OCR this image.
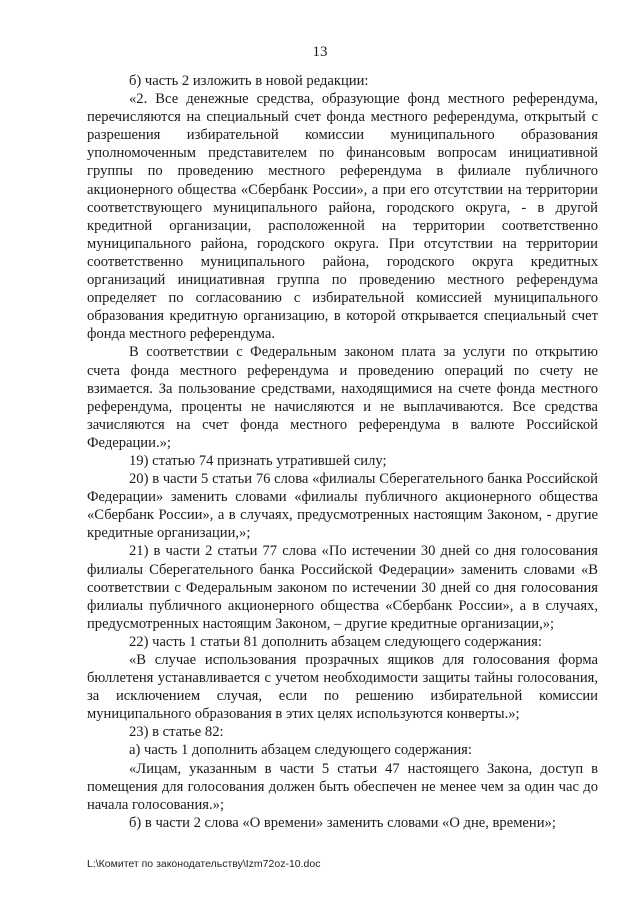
13

б) часть 2 изложить в новой редакции:

«2. Все денежные средства, образующие фонд местного референдума, перечисляются на специальный счет фонда местного референдума, открытый с разрешения избирательной комиссии муниципального образования уполномоченным представителем по финансовым вопросам инициативной группы по проведению местного референдума в филиале публичного акционерного общества «Сбербанк России», а при его отсутствии на территории соответствующего муниципального района, городского округа, - в другой кредитной организации, расположенной на территории соответственно муниципального района, городского округа. При отсутствии на территории соответственно муниципального района, городского округа кредитных организаций инициативная группа по проведению местного референдума определяет по согласованию с избирательной комиссией муниципального образования кредитную организацию, в которой открывается специальный счет фонда местного референдума.

В соответствии с Федеральным законом плата за услуги по открытию счета фонда местного референдума и проведению операций по счету не взимается. За пользование средствами, находящимися на счете фонда местного референдума, проценты не начисляются и не выплачиваются. Все средства зачисляются на счет фонда местного референдума в валюте Российской Федерации.»;

19) статью 74 признать утратившей силу;

20) в части 5 статьи 76 слова «филиалы Сберегательного банка Российской Федерации» заменить словами «филиалы публичного акционерного общества «Сбербанк России», а в случаях, предусмотренных настоящим Законом, - другие кредитные организации,»;

21) в части 2 статьи 77 слова «По истечении 30 дней со дня голосования филиалы Сберегательного банка Российской Федерации» заменить словами «В соответствии с Федеральным законом по истечении 30 дней со дня голосования филиалы публичного акционерного общества «Сбербанк России», а в случаях, предусмотренных настоящим Законом, – другие кредитные организации,»;

22) часть 1 статьи 81 дополнить абзацем следующего содержания:

«В случае использования прозрачных ящиков для голосования форма бюллетеня устанавливается с учетом необходимости защиты тайны голосования, за исключением случая, если по решению избирательной комиссии муниципального образования в этих целях используются конверты.»;

23) в статье 82:

а) часть 1 дополнить абзацем следующего содержания:

«Лицам, указанным в части 5 статьи 47 настоящего Закона, доступ в помещения для голосования должен быть обеспечен не менее чем за один час до начала голосования.»;

б) в части 2 слова «О времени» заменить словами «О дне, времени»;

L:\Комитет по законодательству\Izm72oz-10.doc
